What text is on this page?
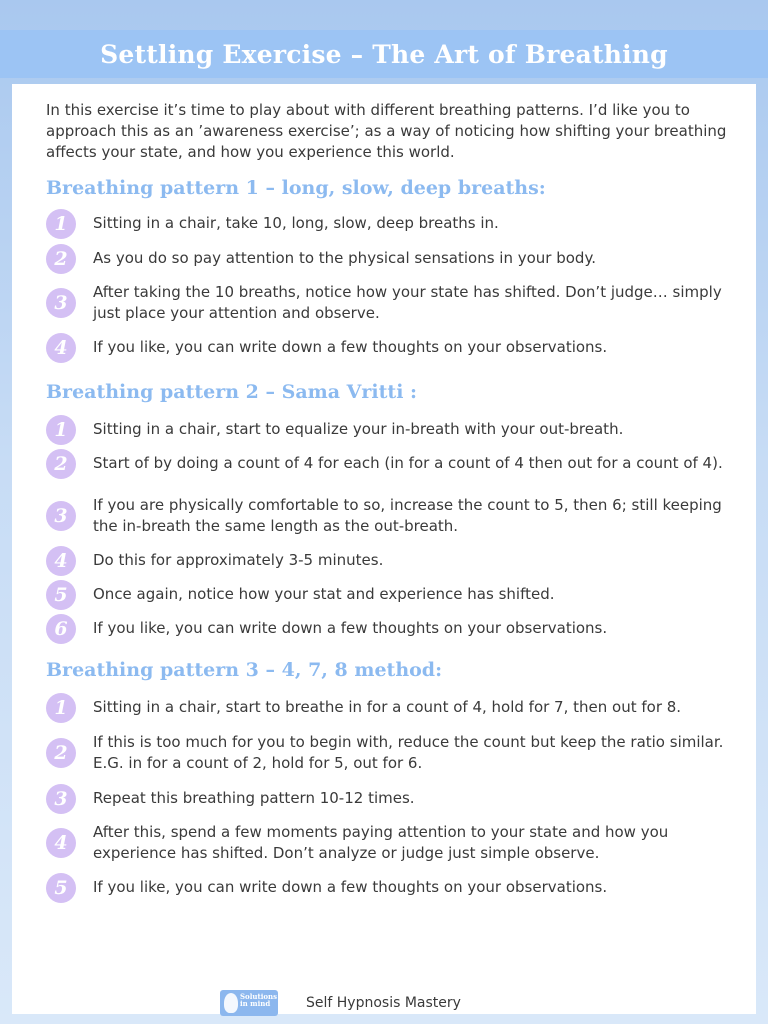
Settling Exercise – The Art of Breathing

In this exercise it’s time to play about with different breathing patterns. I’d like you to approach this as an ’awareness exercise’; as a way of noticing how shifting your breathing affects your state, and how you experience this world.

Breathing pattern 1 – long, slow, deep breaths:
1	Sitting in a chair, take 10, long, slow, deep breaths in.
2	As you do so pay attention to the physical sensations in your body.
3	After taking the 10 breaths, notice how your state has shifted. Don’t judge… simply just place your attention and observe.
4	If you like, you can write down a few thoughts on your observations.
Breathing pattern 2 – Sama Vritti :
1	Sitting in a chair, start to equalize your in-breath with your out-breath.
2	Start of by doing a count of 4 for each (in for a count of 4 then out for a count of 4).
3	If you are physically comfortable to so, increase the count to 5, then 6; still keeping the in-breath the same length as the out-breath.
4	Do this for approximately 3-5 minutes.
5	Once again, notice how your stat and experience has shifted.
6	If you like, you can write down a few thoughts on your observations.
Breathing pattern 3 – 4, 7, 8 method:
1	Sitting in a chair, start to breathe in for a count of 4, hold for 7, then out for 8.
2	If this is too much for you to begin with, reduce the count but keep the ratio similar. E.G. in for a count of 2, hold for 5, out for 6.
3	Repeat this breathing pattern 10-12 times.
4	After this, spend a few moments paying attention to your state and how you experience has shifted. Don’t analyze or judge just simple observe.
5	If you like, you can write down a few thoughts on your observations.
Solutions in mind	Self Hypnosis Mastery
